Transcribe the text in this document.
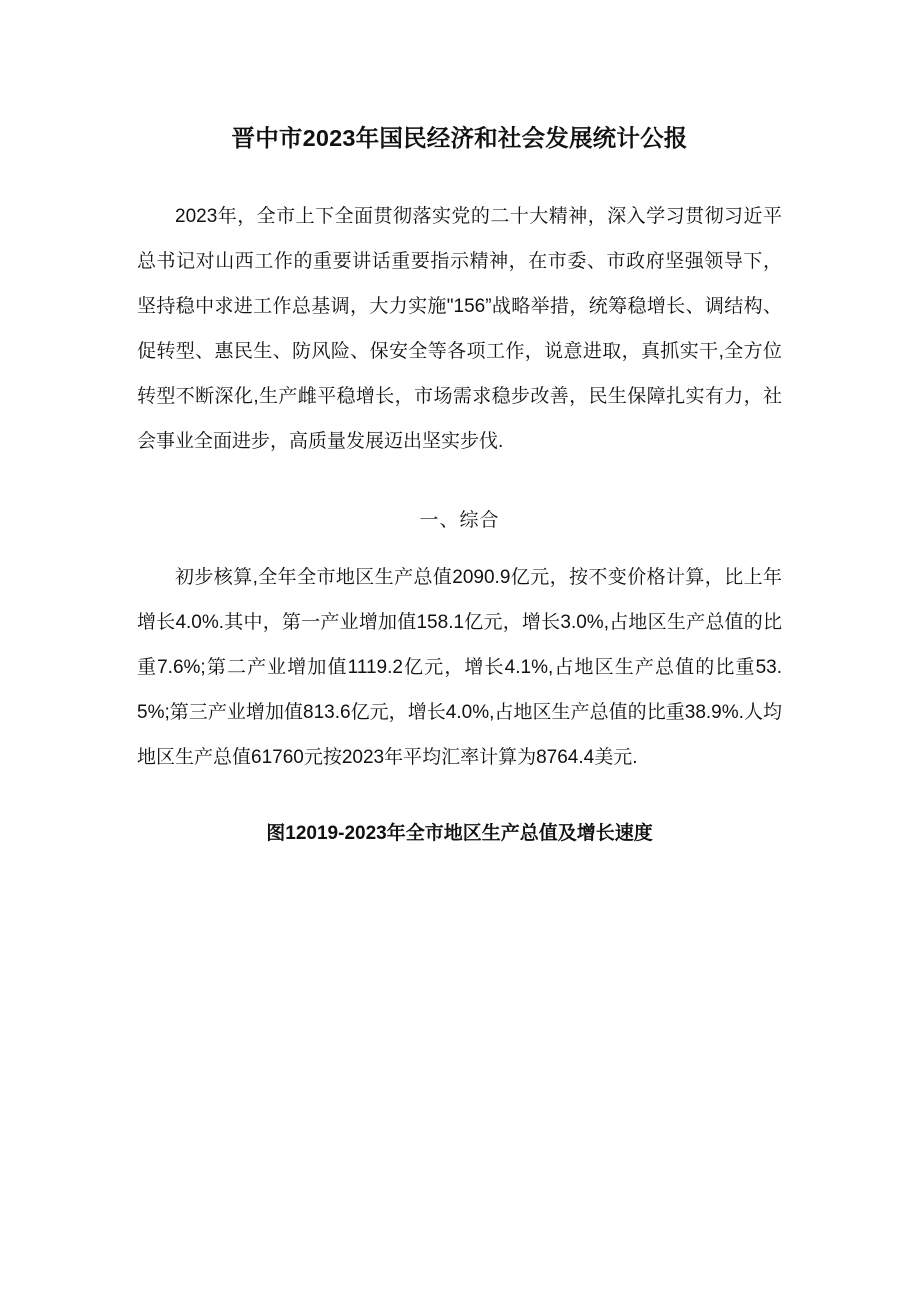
晋中市2023年国民经济和社会发展统计公报

2023年，全市上下全面贯彻落实党的二十大精神，深入学习贯彻习近平总书记对山西工作的重要讲话重要指示精神，在市委、市政府坚强领导下，坚持稳中求进工作总基调，大力实施"156”战略举措，统筹稳增长、调结构、促转型、惠民生、防风险、保安全等各项工作，说意进取，真抓实干,全方位转型不断深化,生产雌平稳增长，市场需求稳步改善，民生保障扎实有力，社会事业全面进步，高质量发展迈出坚实步伐.

一、综合

初步核算,全年全市地区生产总值2090.9亿元，按不变价格计算，比上年增长4.0%.其中，第一产业增加值158.1亿元，增长3.0%,占地区生产总值的比重7.6%;第二产业增加值1119.2亿元，增长4.1%,占地区生产总值的比重53.5%;第三产业增加值813.6亿元，增长4.0%,占地区生产总值的比重38.9%.人均地区生产总值61760元按2023年平均汇率计算为8764.4美元.

图12019-2023年全市地区生产总值及增长速度
